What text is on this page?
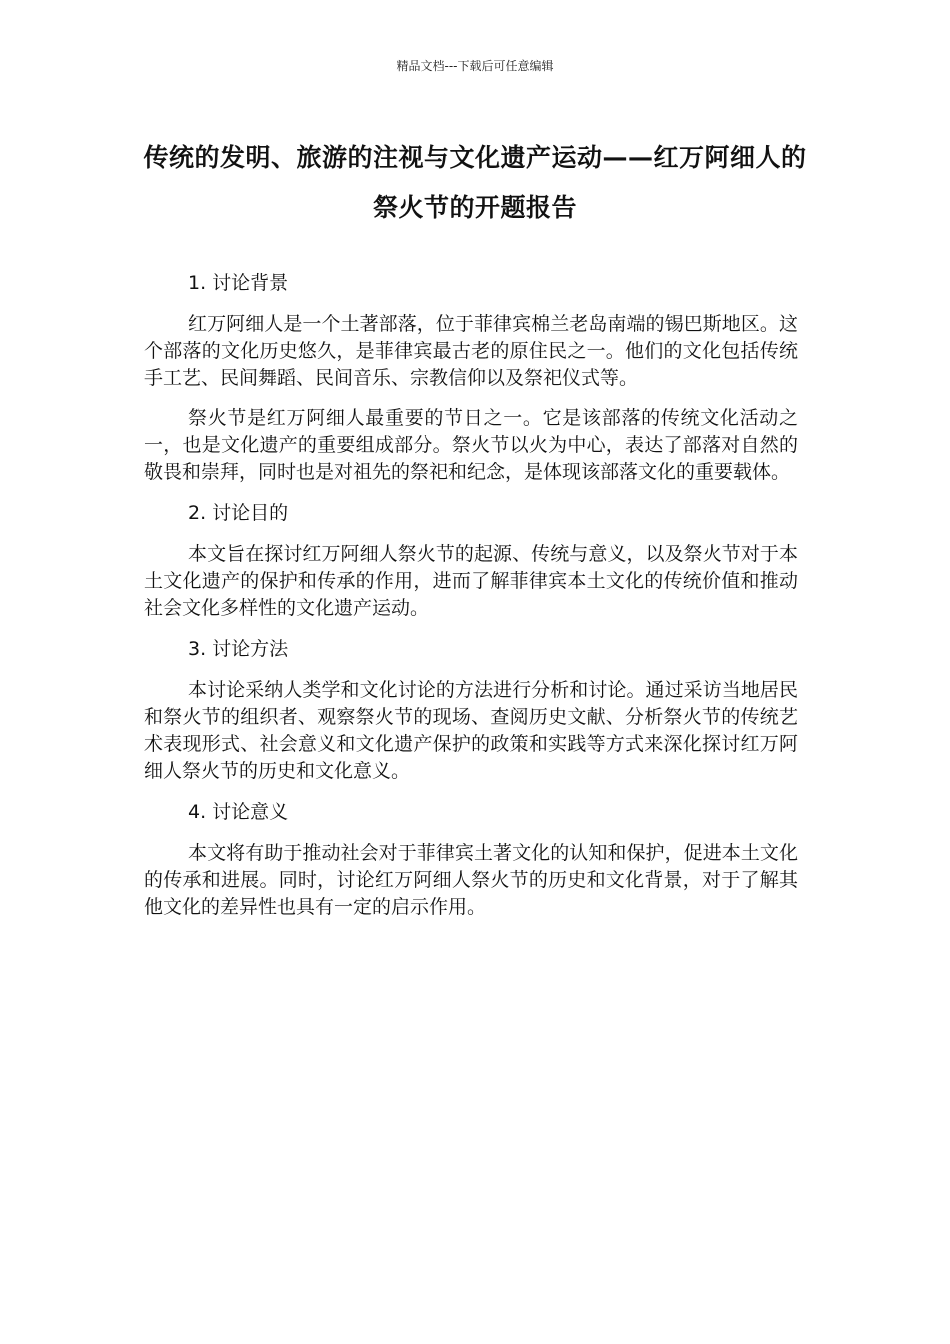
精品文档---下载后可任意编辑
传统的发明、旅游的注视与文化遗产运动——红万阿细人的祭火节的开题报告

1. 讨论背景

红万阿细人是一个土著部落，位于菲律宾棉兰老岛南端的锡巴斯地区。这个部落的文化历史悠久，是菲律宾最古老的原住民之一。他们的文化包括传统手工艺、民间舞蹈、民间音乐、宗教信仰以及祭祀仪式等。

祭火节是红万阿细人最重要的节日之一。它是该部落的传统文化活动之一，也是文化遗产的重要组成部分。祭火节以火为中心，表达了部落对自然的敬畏和崇拜，同时也是对祖先的祭祀和纪念，是体现该部落文化的重要载体。

2. 讨论目的

本文旨在探讨红万阿细人祭火节的起源、传统与意义，以及祭火节对于本土文化遗产的保护和传承的作用，进而了解菲律宾本土文化的传统价值和推动社会文化多样性的文化遗产运动。

3. 讨论方法

本讨论采纳人类学和文化讨论的方法进行分析和讨论。通过采访当地居民和祭火节的组织者、观察祭火节的现场、查阅历史文献、分析祭火节的传统艺术表现形式、社会意义和文化遗产保护的政策和实践等方式来深化探讨红万阿细人祭火节的历史和文化意义。

4. 讨论意义

本文将有助于推动社会对于菲律宾土著文化的认知和保护，促进本土文化的传承和进展。同时，讨论红万阿细人祭火节的历史和文化背景，对于了解其他文化的差异性也具有一定的启示作用。
